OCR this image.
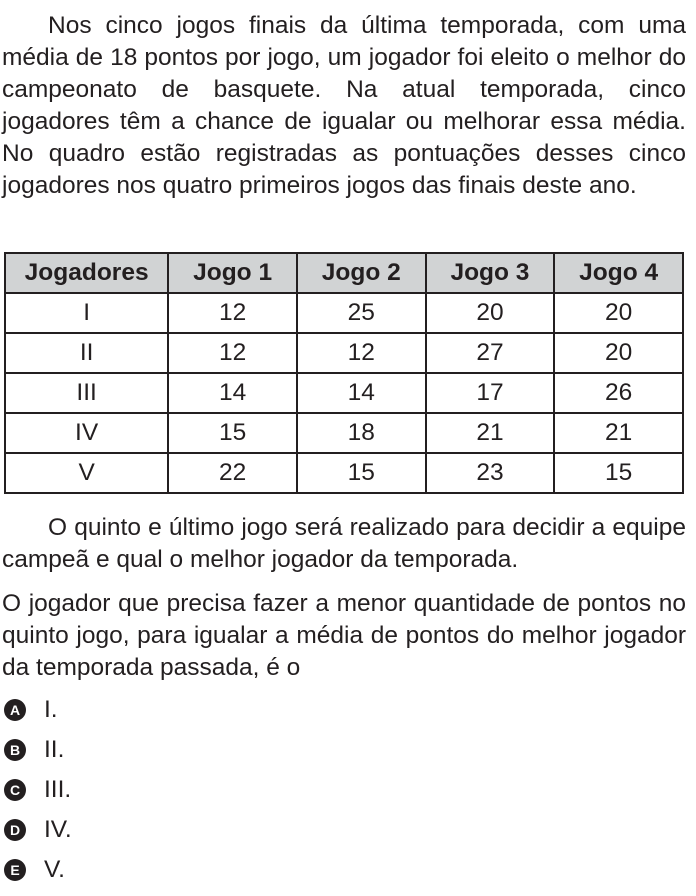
Nos cinco jogos finais da última temporada, com uma média de 18 pontos por jogo, um jogador foi eleito o melhor do campeonato de basquete. Na atual temporada, cinco jogadores têm a chance de igualar ou melhorar essa média. No quadro estão registradas as pontuações desses cinco jogadores nos quatro primeiros jogos das finais deste ano.

Jogadores	Jogo 1	Jogo 2	Jogo 3	Jogo 4
I	12	25	20	20
II	12	12	27	20
III	14	14	17	26
IV	15	18	21	21
V	22	15	23	15

O quinto e último jogo será realizado para decidir a equipe campeã e qual o melhor jogador da temporada.

O jogador que precisa fazer a menor quantidade de pontos no quinto jogo, para igualar a média de pontos do melhor jogador da temporada passada, é o

A I.
B II.
C III.
D IV.
E V.
